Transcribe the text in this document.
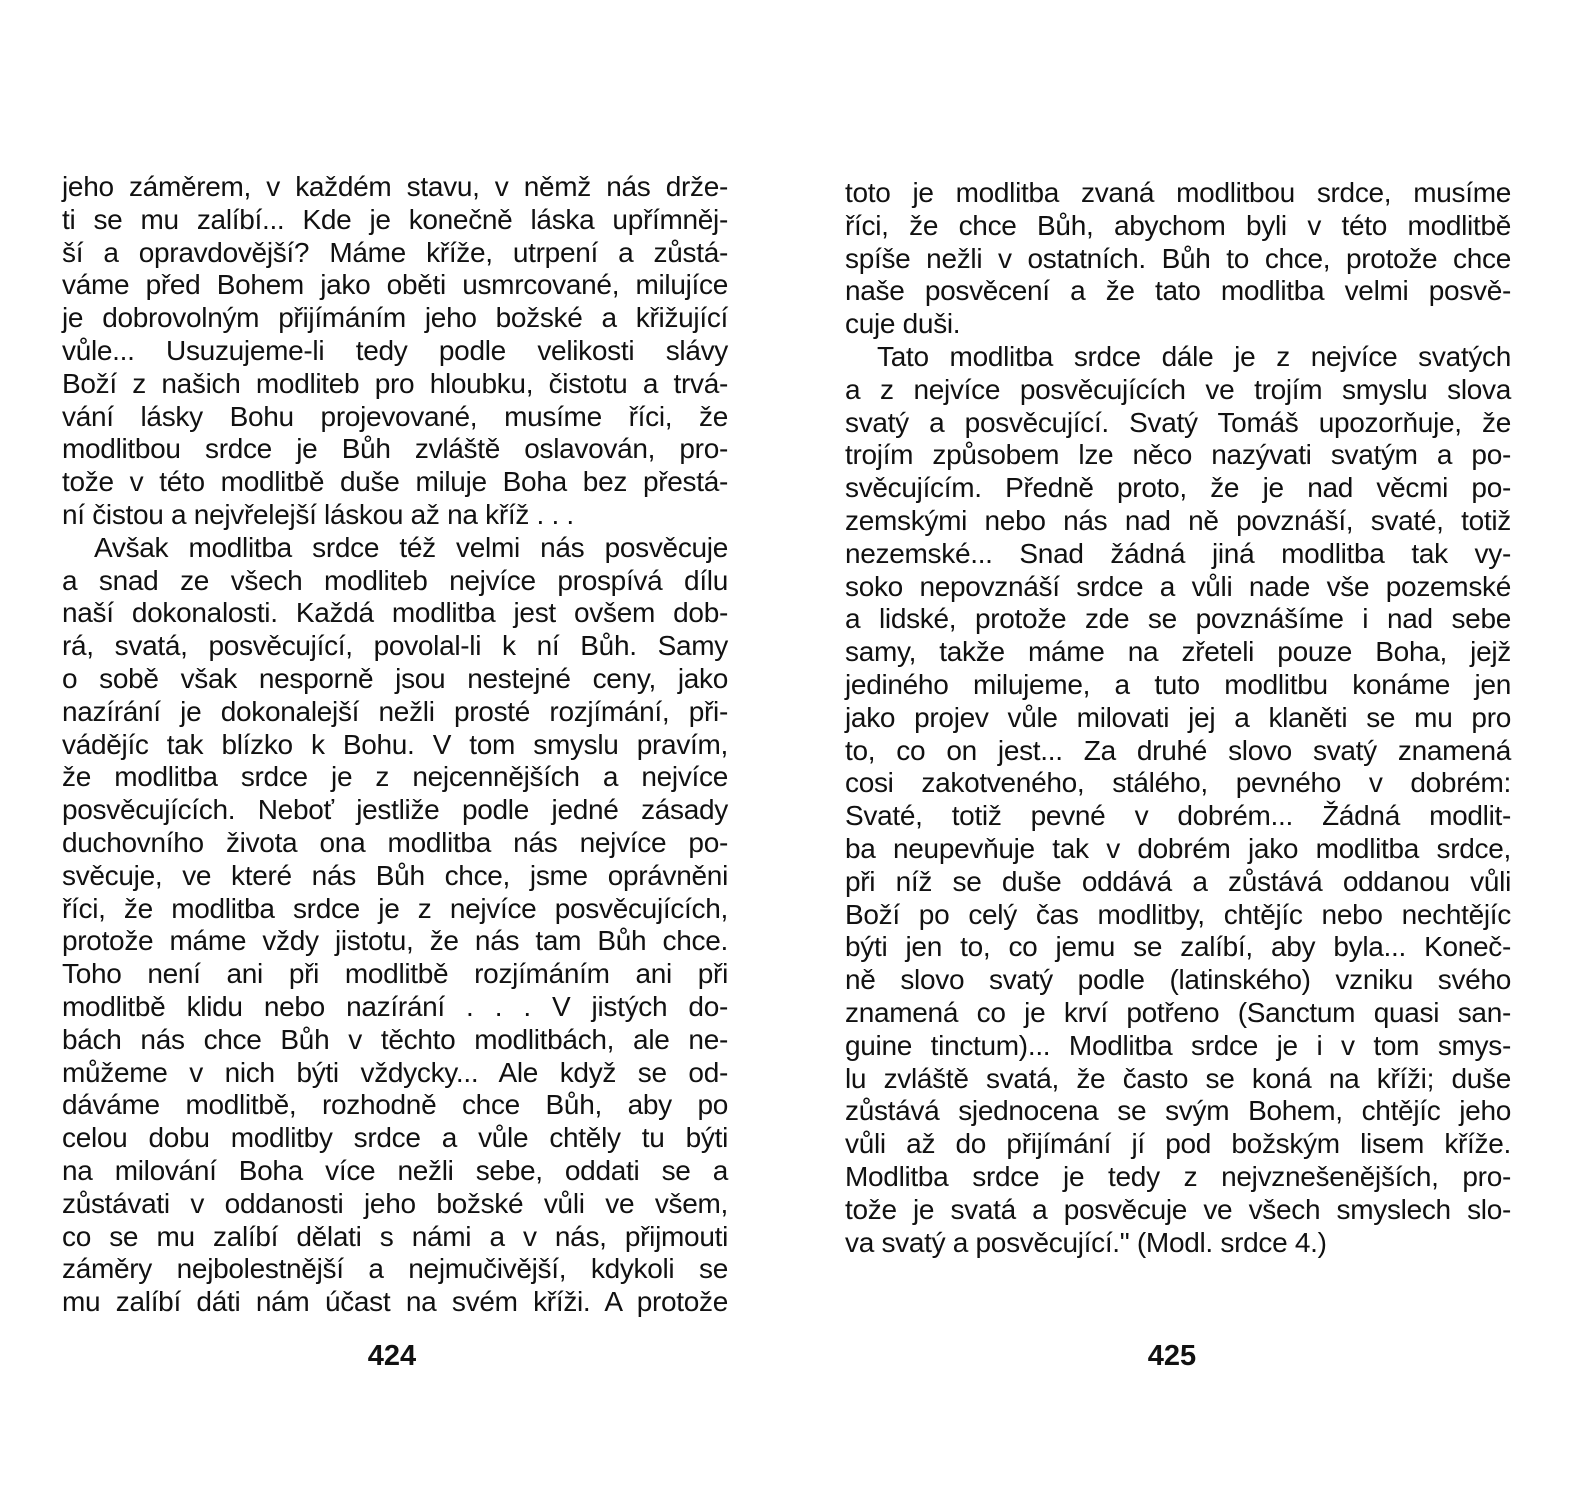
jeho záměrem, v každém stavu, v němž nás drže-
ti se mu zalíbí... Kde je konečně láska upřímněj-
ší a opravdovější? Máme kříže, utrpení a zůstá-
váme před Bohem jako oběti usmrcované, milujíce
je dobrovolným přijímáním jeho božské a křižující
vůle... Usuzujeme-li tedy podle velikosti slávy
Boží z našich modliteb pro hloubku, čistotu a trvá-
vání lásky Bohu projevované, musíme říci, že
modlitbou srdce je Bůh zvláště oslavován, pro-
tože v této modlitbě duše miluje Boha bez přestá-
ní čistou a nejvřelejší láskou až na kříž . . .
Avšak modlitba srdce též velmi nás posvěcuje
a snad ze všech modliteb nejvíce prospívá dílu
naší dokonalosti. Každá modlitba jest ovšem dob-
rá, svatá, posvěcující, povolal-li k ní Bůh. Samy
o sobě však nesporně jsou nestejné ceny, jako
nazírání je dokonalejší nežli prosté rozjímání, při-
vádějíc tak blízko k Bohu. V tom smyslu pravím,
že modlitba srdce je z nejcennějších a nejvíce
posvěcujících. Neboť jestliže podle jedné zásady
duchovního života ona modlitba nás nejvíce po-
svěcuje, ve které nás Bůh chce, jsme oprávněni
říci, že modlitba srdce je z nejvíce posvěcujících,
protože máme vždy jistotu, že nás tam Bůh chce.
Toho není ani při modlitbě rozjímáním ani při
modlitbě klidu nebo nazírání . . . V jistých do-
bách nás chce Bůh v těchto modlitbách, ale ne-
můžeme v nich býti vždycky... Ale když se od-
dáváme modlitbě, rozhodně chce Bůh, aby po
celou dobu modlitby srdce a vůle chtěly tu býti
na milování Boha více nežli sebe, oddati se a
zůstávati v oddanosti jeho božské vůli ve všem,
co se mu zalíbí dělati s námi a v nás, přijmouti
záměry nejbolestnější a nejmučivější, kdykoli se
mu zalíbí dáti nám účast na svém kříži. A protože
424
toto je modlitba zvaná modlitbou srdce, musíme
říci, že chce Bůh, abychom byli v této modlitbě
spíše nežli v ostatních. Bůh to chce, protože chce
naše posvěcení a že tato modlitba velmi posvě-
cuje duši.
Tato modlitba srdce dále je z nejvíce svatých
a z nejvíce posvěcujících ve trojím smyslu slova
svatý a posvěcující. Svatý Tomáš upozorňuje, že
trojím způsobem lze něco nazývati svatým a po-
svěcujícím. Předně proto, že je nad věcmi po-
zemskými nebo nás nad ně povznáší, svaté, totiž
nezemské... Snad žádná jiná modlitba tak vy-
soko nepovznáší srdce a vůli nade vše pozemské
a lidské, protože zde se povznášíme i nad sebe
samy, takže máme na zřeteli pouze Boha, jejž
jediného milujeme, a tuto modlitbu konáme jen
jako projev vůle milovati jej a klaněti se mu pro
to, co on jest... Za druhé slovo svatý znamená
cosi zakotveného, stálého, pevného v dobrém:
Svaté, totiž pevné v dobrém... Žádná modlit-
ba neupevňuje tak v dobrém jako modlitba srdce,
při níž se duše oddává a zůstává oddanou vůli
Boží po celý čas modlitby, chtějíc nebo nechtějíc
býti jen to, co jemu se zalíbí, aby byla... Koneč-
ně slovo svatý podle (latinského) vzniku svého
znamená co je krví potřeno (Sanctum quasi san-
guine tinctum)... Modlitba srdce je i v tom smys-
lu zvláště svatá, že často se koná na kříži; duše
zůstává sjednocena se svým Bohem, chtějíc jeho
vůli až do přijímání jí pod božským lisem kříže.
Modlitba srdce je tedy z nejvznešenějších, pro-
tože je svatá a posvěcuje ve všech smyslech slo-
va svatý a posvěcující." (Modl. srdce 4.)
425
